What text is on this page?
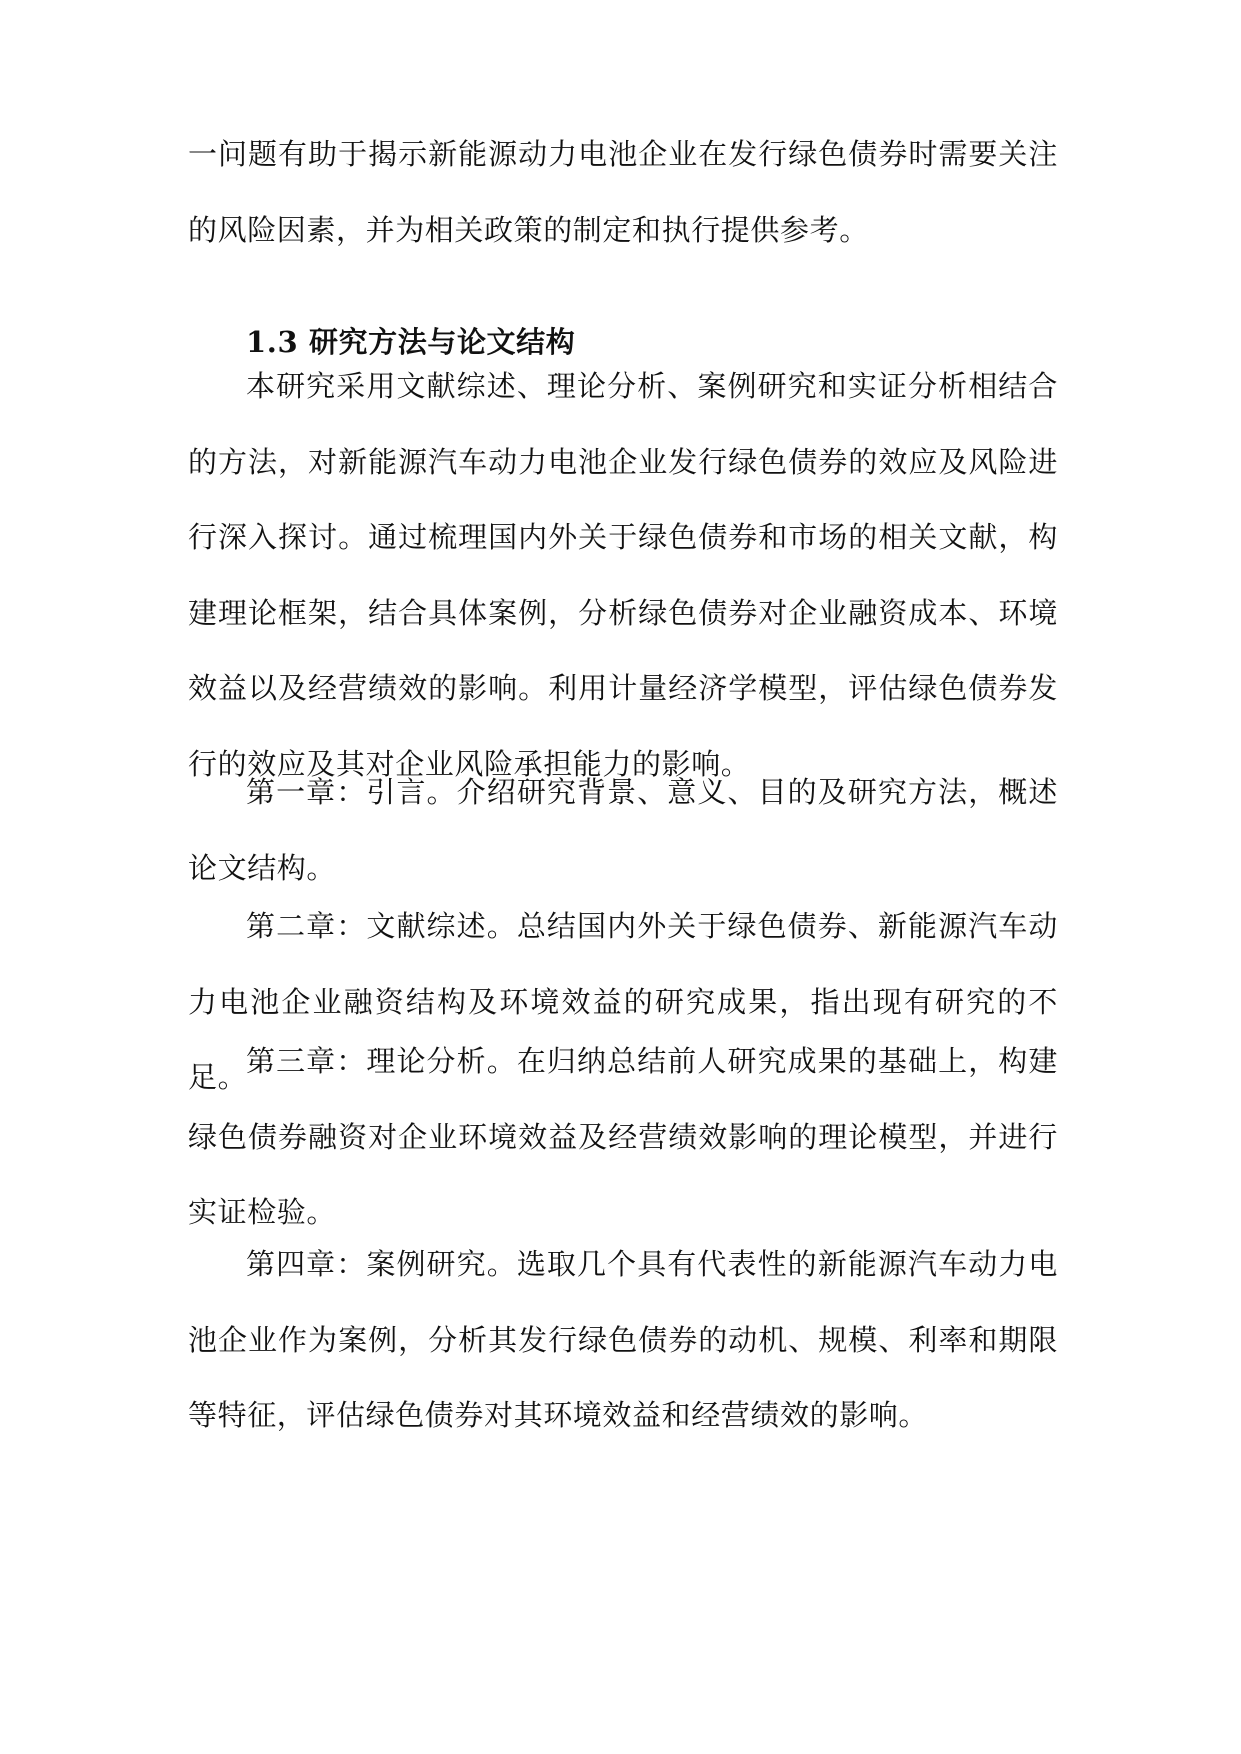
一问题有助于揭示新能源动力电池企业在发行绿色债券时需要关注的风险因素，并为相关政策的制定和执行提供参考。

1.3 研究方法与论文结构

本研究采用文献综述、理论分析、案例研究和实证分析相结合的方法，对新能源汽车动力电池企业发行绿色债券的效应及风险进行深入探讨。通过梳理国内外关于绿色债券和市场的相关文献，构建理论框架，结合具体案例，分析绿色债券对企业融资成本、环境效益以及经营绩效的影响。利用计量经济学模型，评估绿色债券发行的效应及其对企业风险承担能力的影响。

第一章：引言。介绍研究背景、意义、目的及研究方法，概述论文结构。

第二章：文献综述。总结国内外关于绿色债券、新能源汽车动力电池企业融资结构及环境效益的研究成果，指出现有研究的不足。

第三章：理论分析。在归纳总结前人研究成果的基础上，构建绿色债券融资对企业环境效益及经营绩效影响的理论模型，并进行实证检验。

第四章：案例研究。选取几个具有代表性的新能源汽车动力电池企业作为案例，分析其发行绿色债券的动机、规模、利率和期限等特征，评估绿色债券对其环境效益和经营绩效的影响。
